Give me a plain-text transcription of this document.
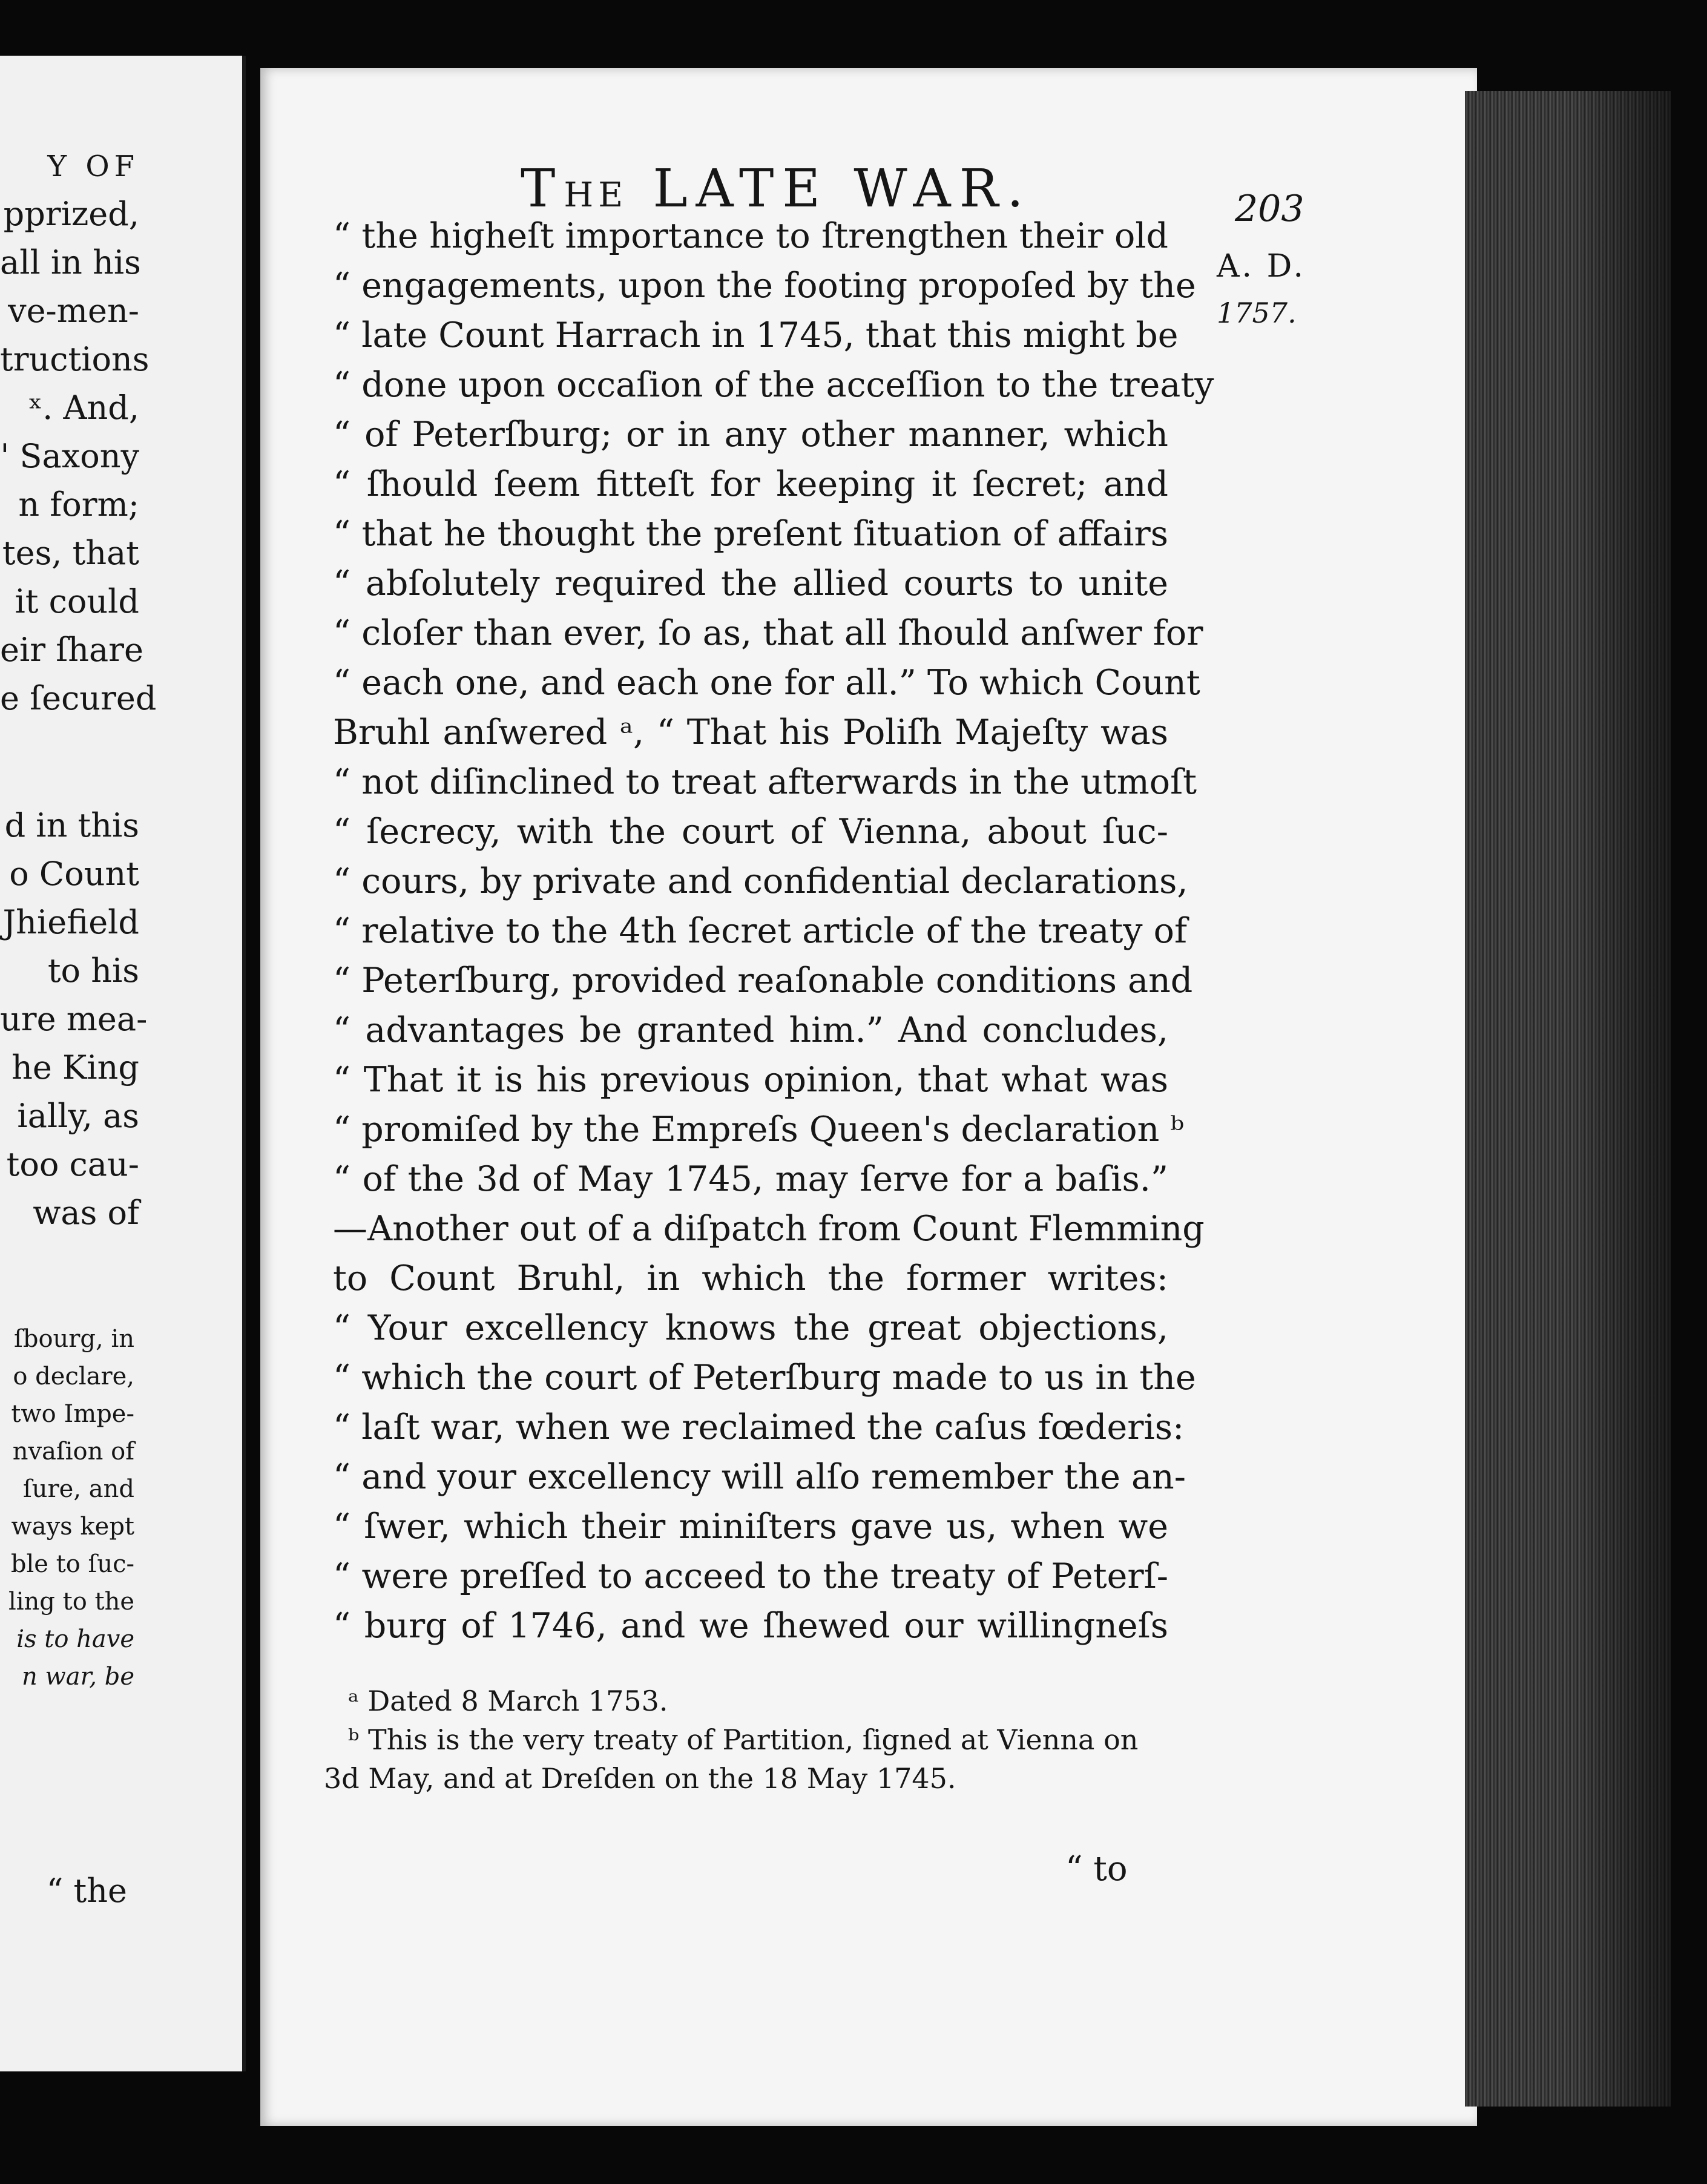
Y OF
pprized,
all in his
ve-men-
tructions
ˣ. And,
' Saxony
n form;
tes, that
it could
eir ſhare
e ſecured
d in this
o Count
Jhiefield
to his
ure mea-
he King
ially, as
too cau-
was of
ſbourg, in
o declare,
two Impe-
nvaſion of
ſure, and
ways kept
ble to ſuc-
ling to the
is to have
n war, be
“ the
THE LATE WAR.	203
A. D.
1757.
“ the higheſt importance to ſtrengthen their old
“ engagements, upon the footing propoſed by the
“ late Count Harrach in 1745, that this might be
“ done upon occaſion of the acceſſion to the treaty
“ of Peterſburg; or in any other manner, which
“ ſhould ſeem fitteſt for keeping it ſecret; and
“ that he thought the preſent ſituation of affairs
“ abſolutely required the allied courts to unite
“ cloſer than ever, ſo as, that all ſhould anſwer for
“ each one, and each one for all.” To which Count
Bruhl anſwered ᵃ, “ That his Poliſh Majeſty was
“ not diſinclined to treat afterwards in the utmoſt
“ ſecrecy, with the court of Vienna, about ſuc-
“ cours, by private and confidential declarations,
“ relative to the 4th ſecret article of the treaty of
“ Peterſburg, provided reaſonable conditions and
“ advantages be granted him.” And concludes,
“ That it is his previous opinion, that what was
“ promiſed by the Empreſs Queen's declaration ᵇ
“ of the 3d of May 1745, may ſerve for a baſis.”
—Another out of a diſpatch from Count Flemming
to Count Bruhl, in which the former writes:
“ Your excellency knows the great objections,
“ which the court of Peterſburg made to us in the
“ laſt war, when we reclaimed the caſus fœderis:
“ and your excellency will alſo remember the an-
“ ſwer, which their miniſters gave us, when we
“ were preſſed to acceed to the treaty of Peterſ-
“ burg of 1746, and we ſhewed our willingneſs
ᵃ Dated 8 March 1753.
ᵇ This is the very treaty of Partition, ſigned at Vienna on
3d May, and at Dreſden on the 18 May 1745.
“ to
